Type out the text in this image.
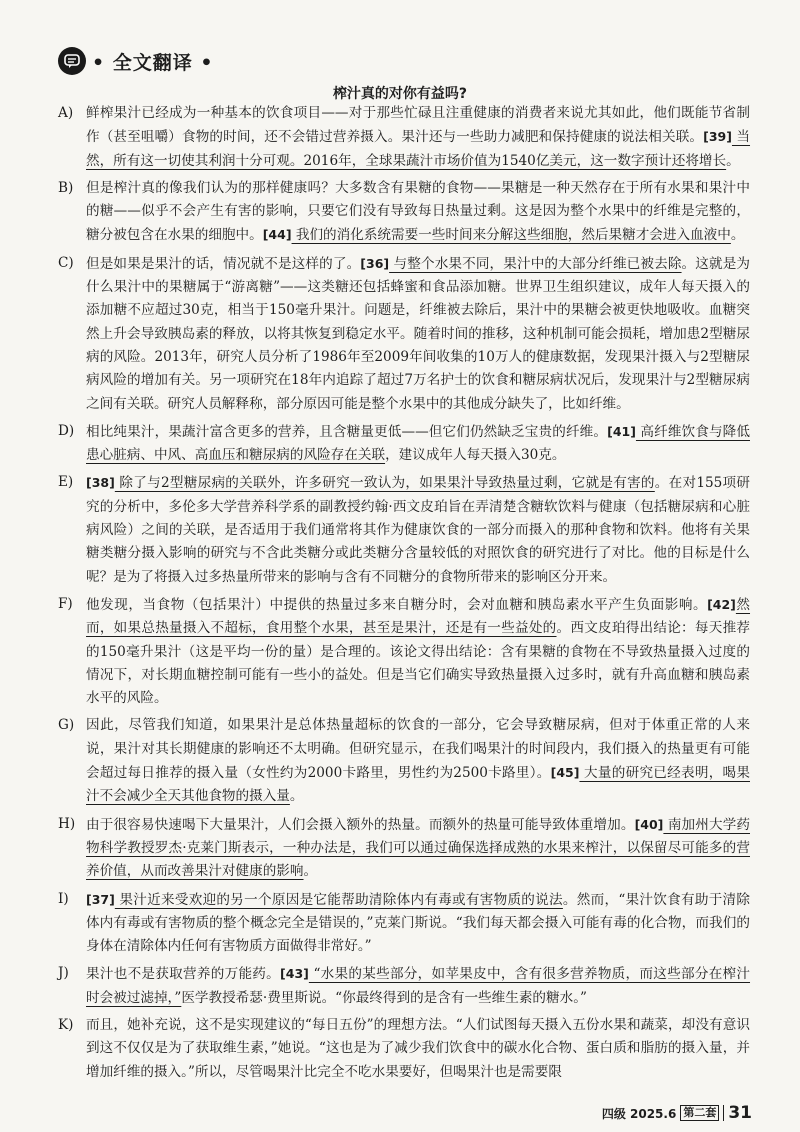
• 全文翻译 •
榨汁真的对你有益吗?
A) 鲜榨果汁已经成为一种基本的饮食项目——对于那些忙碌且注重健康的消费者来说尤其如此，他们既能节省制作（甚至咀嚼）食物的时间，还不会错过营养摄入。果汁还与一些助力减肥和保持健康的说法相关联。[39] 当然，所有这一切使其利润十分可观。2016年，全球果蔬汁市场价值为1540亿美元，这一数字预计还将增长。
B) 但是榨汁真的像我们认为的那样健康吗？大多数含有果糖的食物——果糖是一种天然存在于所有水果和果汁中的糖——似乎不会产生有害的影响，只要它们没有导致每日热量过剩。这是因为整个水果中的纤维是完整的，糖分被包含在水果的细胞中。[44] 我们的消化系统需要一些时间来分解这些细胞，然后果糖才会进入血液中。
C) 但是如果是果汁的话，情况就不是这样的了。[36] 与整个水果不同，果汁中的大部分纤维已被去除。这就是为什么果汁中的果糖属于“游离糖”——这类糖还包括蜂蜜和食品添加糖。世界卫生组织建议，成年人每天摄入的添加糖不应超过30克，相当于150毫升果汁。问题是，纤维被去除后，果汁中的果糖会被更快地吸收。血糖突然上升会导致胰岛素的释放，以将其恢复到稳定水平。随着时间的推移，这种机制可能会损耗，增加患2型糖尿病的风险。2013年，研究人员分析了1986年至2009年间收集的10万人的健康数据，发现果汁摄入与2型糖尿病风险的增加有关。另一项研究在18年内追踪了超过7万名护士的饮食和糖尿病状况后，发现果汁与2型糖尿病之间有关联。研究人员解释称，部分原因可能是整个水果中的其他成分缺失了，比如纤维。
D) 相比纯果汁，果蔬汁富含更多的营养，且含糖量更低——但它们仍然缺乏宝贵的纤维。[41] 高纤维饮食与降低患心脏病、中风、高血压和糖尿病的风险存在关联，建议成年人每天摄入30克。
E)	[38] 除了与2型糖尿病的关联外，许多研究一致认为，如果果汁导致热量过剩，它就是有害的。在对155项研究的分析中，多伦多大学营养科学系的副教授约翰·西文皮珀旨在弄清楚含糖软饮料与健康（包括糖尿病和心脏病风险）之间的关联，是否适用于我们通常将其作为健康饮食的一部分而摄入的那种食物和饮料。他将有关果糖类糖分摄入影响的研究与不含此类糖分或此类糖分含量较低的对照饮食的研究进行了对比。他的目标是什么呢？是为了将摄入过多热量所带来的影响与含有不同糖分的食物所带来的影响区分开来。
F) 他发现，当食物（包括果汁）中提供的热量过多来自糖分时，会对血糖和胰岛素水平产生负面影响。[42]然而，如果总热量摄入不超标，食用整个水果，甚至是果汁，还是有一些益处的。西文皮珀得出结论：每天推荐的150毫升果汁（这是平均一份的量）是合理的。该论文得出结论：含有果糖的食物在不导致热量摄入过度的情况下，对长期血糖控制可能有一些小的益处。但是当它们确实导致热量摄入过多时，就有升高血糖和胰岛素水平的风险。
G) 因此，尽管我们知道，如果果汁是总体热量超标的饮食的一部分，它会导致糖尿病，但对于体重正常的人来说，果汁对其长期健康的影响还不太明确。但研究显示，在我们喝果汁的时间段内，我们摄入的热量更有可能会超过每日推荐的摄入量（女性约为2000卡路里，男性约为2500卡路里）。[45] 大量的研究已经表明，喝果汁不会减少全天其他食物的摄入量。
H) 由于很容易快速喝下大量果汁，人们会摄入额外的热量。而额外的热量可能导致体重增加。[40] 南加州大学药物科学教授罗杰·克莱门斯表示，一种办法是，我们可以通过确保选择成熟的水果来榨汁，以保留尽可能多的营养价值，从而改善果汁对健康的影响。
I)	[37] 果汁近来受欢迎的另一个原因是它能帮助清除体内有毒或有害物质的说法。然而，“果汁饮食有助于清除体内有毒或有害物质的整个概念完全是错误的，”克莱门斯说。“我们每天都会摄入可能有毒的化合物，而我们的身体在清除体内任何有害物质方面做得非常好。”
J)	果汁也不是获取营养的万能药。[43] “水果的某些部分，如苹果皮中，含有很多营养物质，而这些部分在榨汁时会被过滤掉，”医学教授希瑟·费里斯说。“你最终得到的是含有一些维生素的糖水。”
K) 而且，她补充说，这不是实现建议的“每日五份”的理想方法。“人们试图每天摄入五份水果和蔬菜，却没有意识到这不仅仅是为了获取维生素，”她说。“这也是为了减少我们饮食中的碳水化合物、蛋白质和脂肪的摄入量，并增加纤维的摄入。”所以，尽管喝果汁比完全不吃水果要好，但喝果汁也是需要限
四级 2025.6 第二套 31
